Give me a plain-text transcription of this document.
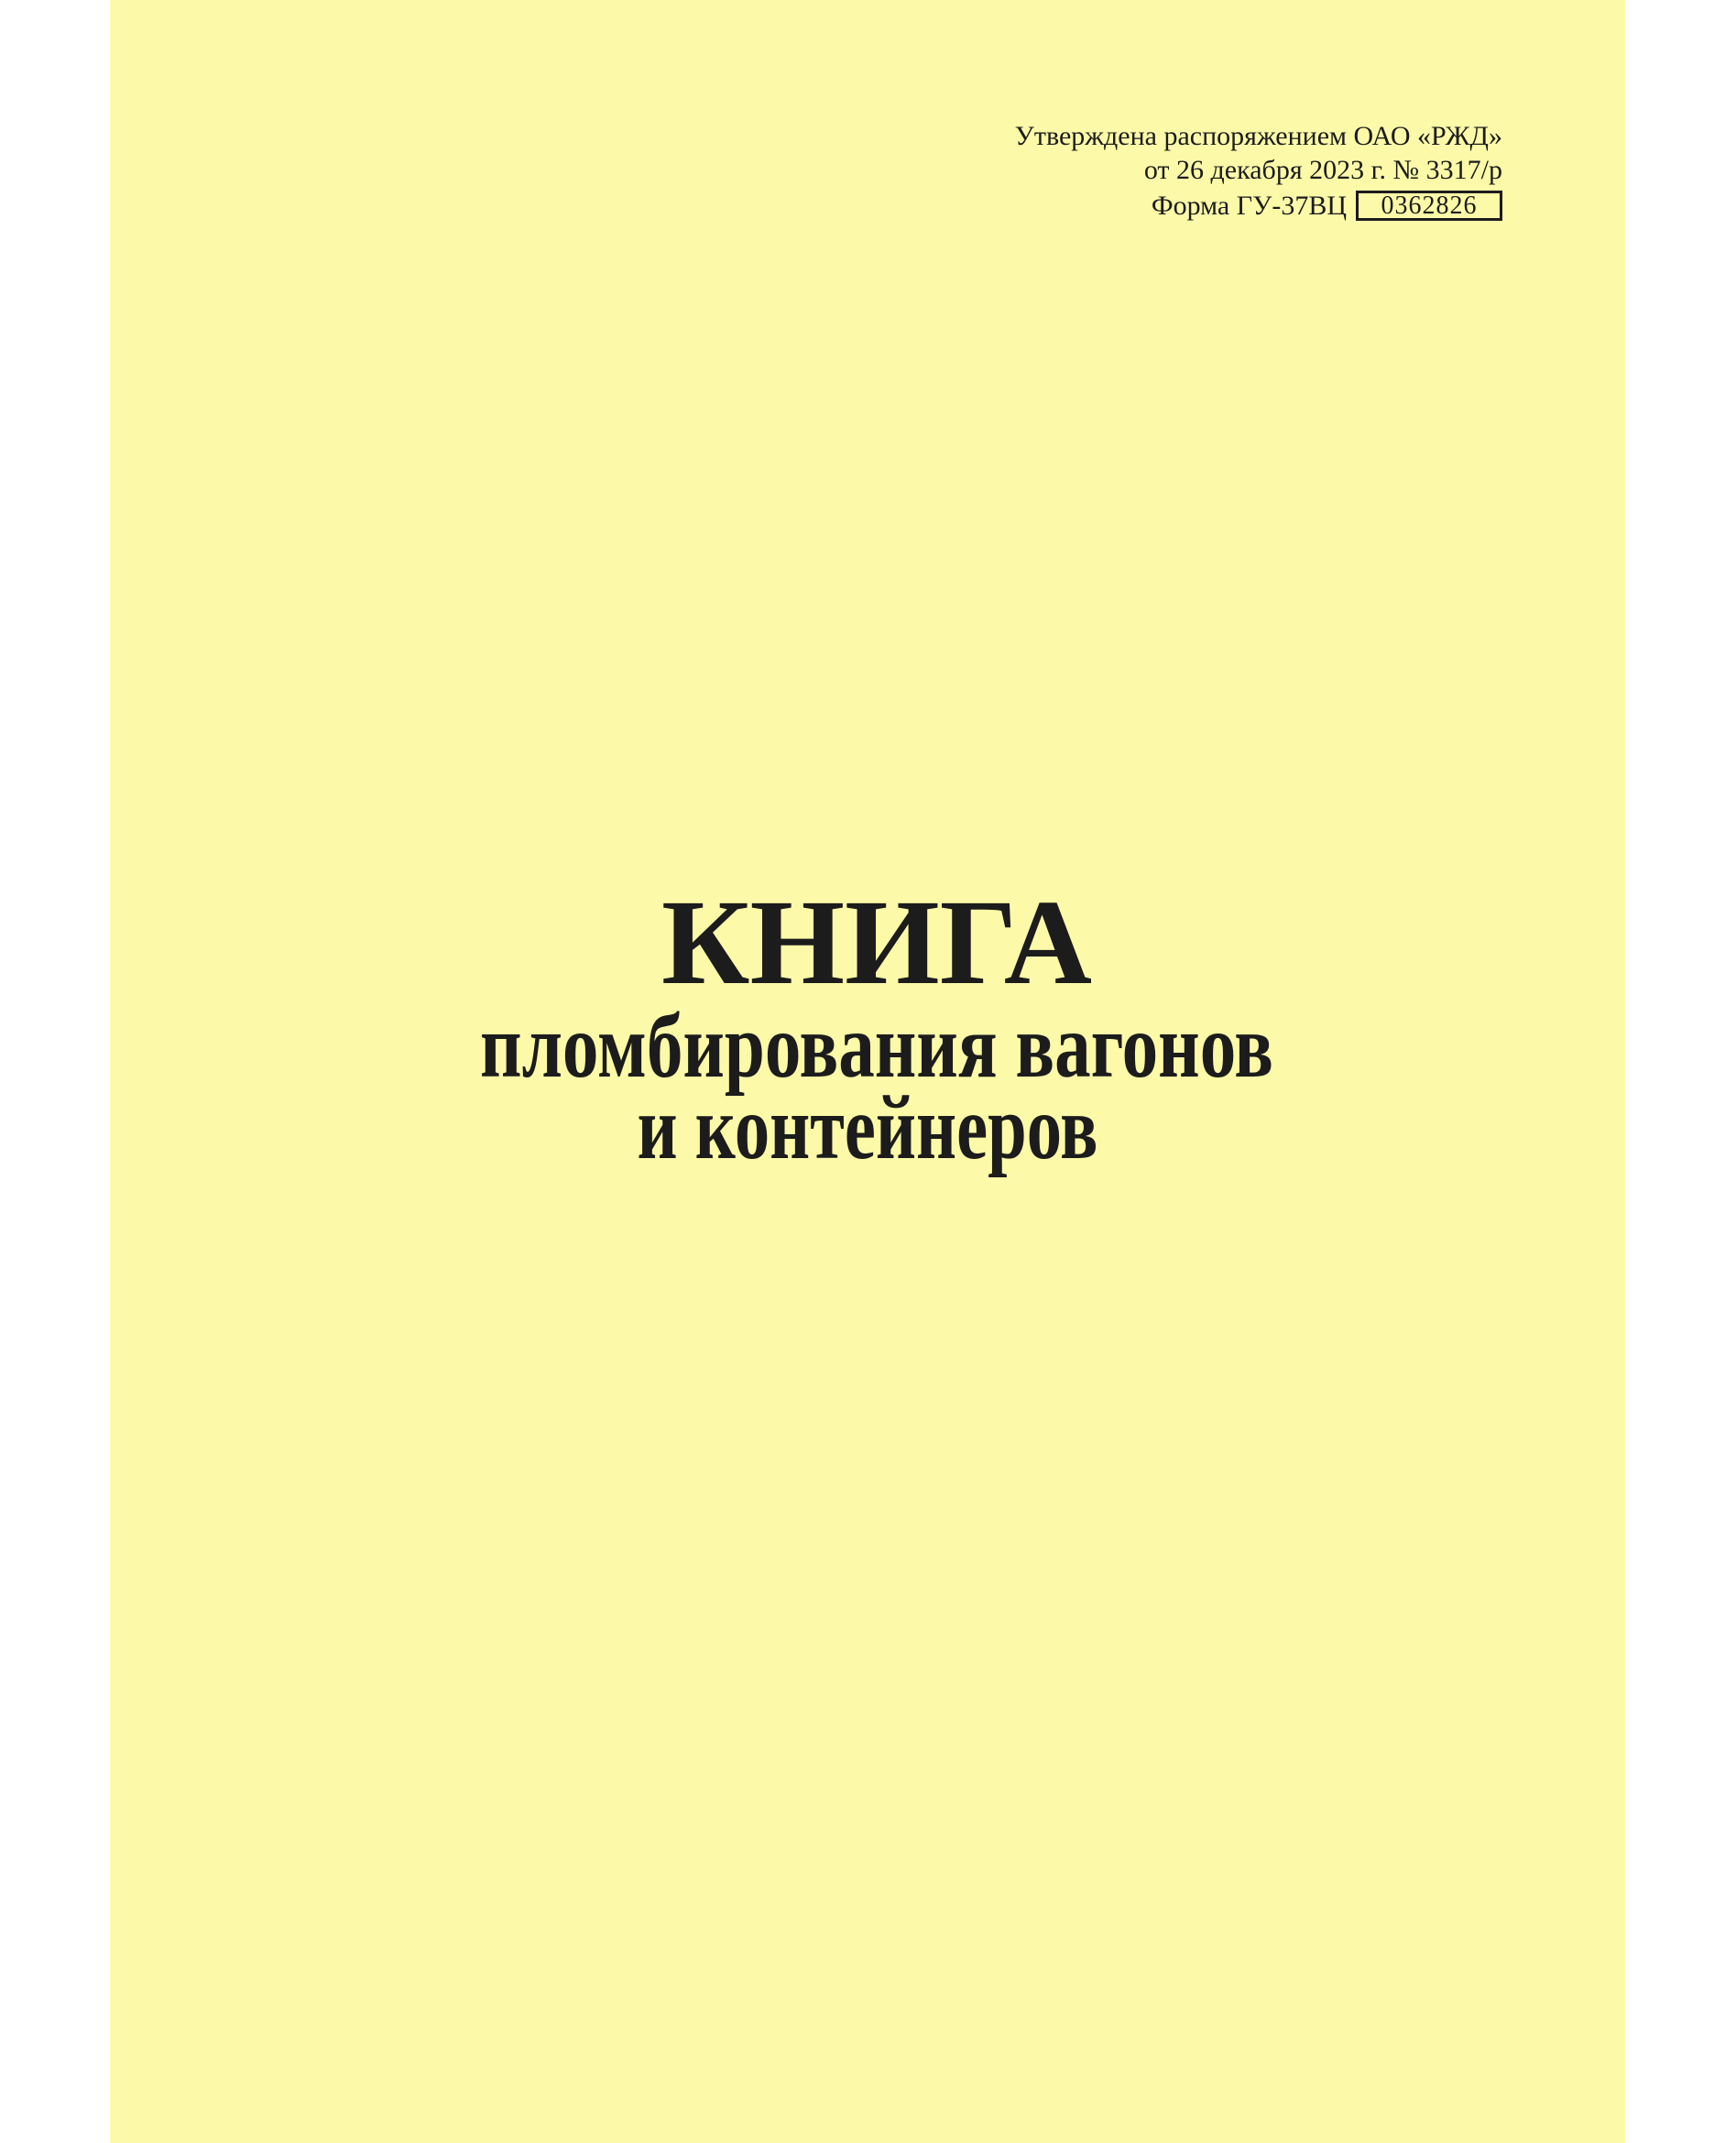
Утверждена распоряжением ОАО «РЖД»
от 26 декабря 2023 г. № 3317/р
Форма ГУ-37ВЦ 0362826
КНИГА
пломбирования вагонов
и контейнеров
